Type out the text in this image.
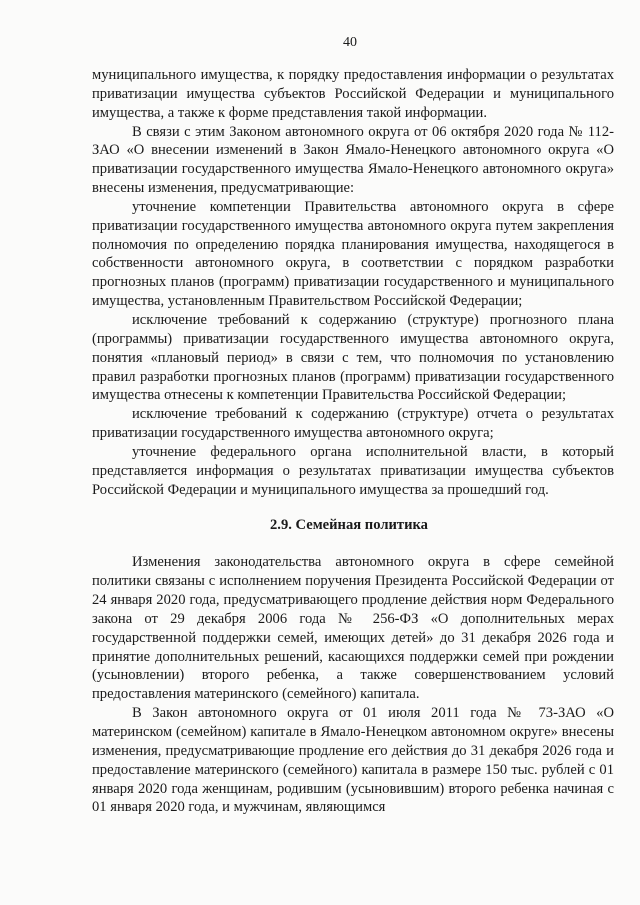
40

муниципального имущества, к порядку предоставления информации о результатах приватизации имущества субъектов Российской Федерации и муниципального имущества, а также к форме представления такой информации.

В связи с этим Законом автономного округа от 06 октября 2020 года № 112-ЗАО «О внесении изменений в Закон Ямало-Ненецкого автономного округа «О приватизации государственного имущества Ямало-Ненецкого автономного округа» внесены изменения, предусматривающие:

уточнение компетенции Правительства автономного округа в сфере приватизации государственного имущества автономного округа путем закрепления полномочия по определению порядка планирования имущества, находящегося в собственности автономного округа, в соответствии с порядком разработки прогнозных планов (программ) приватизации государственного и муниципального имущества, установленным Правительством Российской Федерации;

исключение требований к содержанию (структуре) прогнозного плана (программы) приватизации государственного имущества автономного округа, понятия «плановый период» в связи с тем, что полномочия по установлению правил разработки прогнозных планов (программ) приватизации государственного имущества отнесены к компетенции Правительства Российской Федерации;

исключение требований к содержанию (структуре) отчета о результатах приватизации государственного имущества автономного округа;

уточнение федерального органа исполнительной власти, в который представляется информация о результатах приватизации имущества субъектов Российской Федерации и муниципального имущества за прошедший год.

2.9. Семейная политика

Изменения законодательства автономного округа в сфере семейной политики связаны с исполнением поручения Президента Российской Федерации от 24 января 2020 года, предусматривающего продление действия норм Федерального закона от 29 декабря 2006 года № 256-ФЗ «О дополнительных мерах государственной поддержки семей, имеющих детей» до 31 декабря 2026 года и принятие дополнительных решений, касающихся поддержки семей при рождении (усыновлении) второго ребенка, а также совершенствованием условий предоставления материнского (семейного) капитала.

В Закон автономного округа от 01 июля 2011 года № 73-ЗАО «О материнском (семейном) капитале в Ямало-Ненецком автономном округе» внесены изменения, предусматривающие продление его действия до 31 декабря 2026 года и предоставление материнского (семейного) капитала в размере 150 тыс. рублей с 01 января 2020 года женщинам, родившим (усыновившим) второго ребенка начиная с 01 января 2020 года, и мужчинам, являющимся
